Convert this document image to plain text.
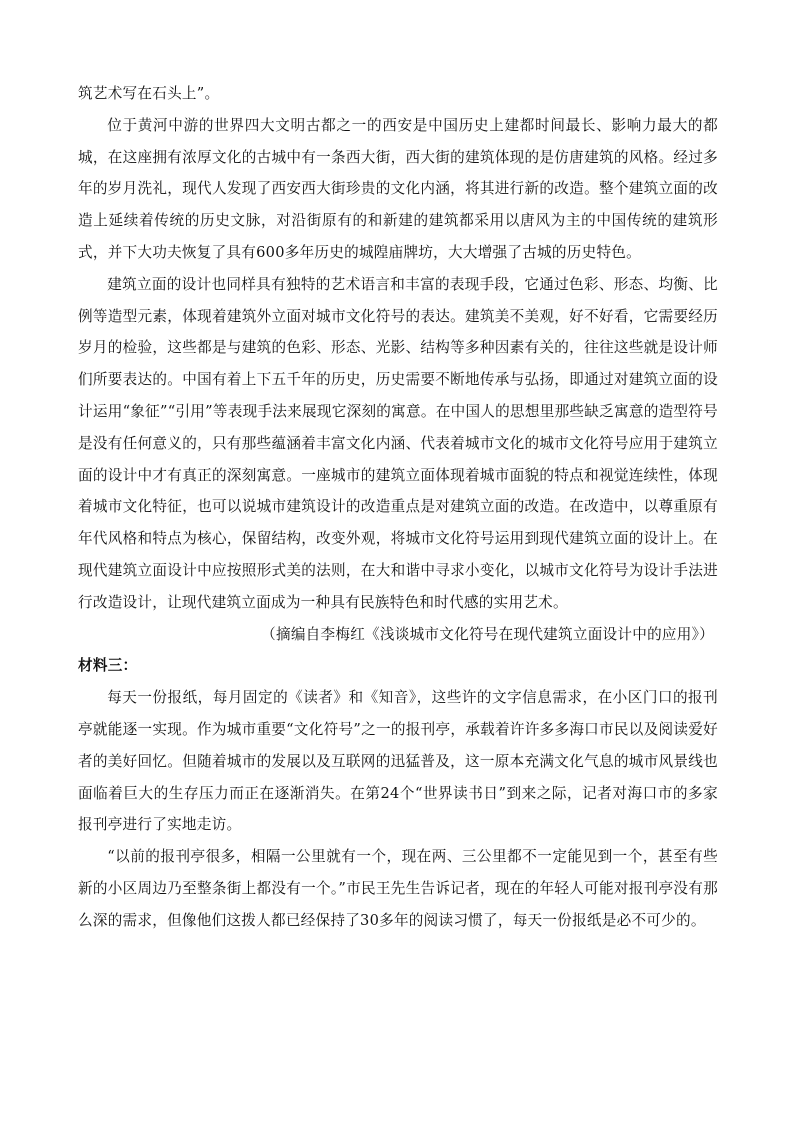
筑艺术写在石头上”。

位于黄河中游的世界四大文明古都之一的西安是中国历史上建都时间最长、影响力最大的都城，在这座拥有浓厚文化的古城中有一条西大街，西大街的建筑体现的是仿唐建筑的风格。经过多年的岁月洗礼，现代人发现了西安西大街珍贵的文化内涵，将其进行新的改造。整个建筑立面的改造上延续着传统的历史文脉，对沿街原有的和新建的建筑都采用以唐风为主的中国传统的建筑形式，并下大功夫恢复了具有600多年历史的城隍庙牌坊，大大增强了古城的历史特色。

建筑立面的设计也同样具有独特的艺术语言和丰富的表现手段，它通过色彩、形态、均衡、比例等造型元素，体现着建筑外立面对城市文化符号的表达。建筑美不美观，好不好看，它需要经历岁月的检验，这些都是与建筑的色彩、形态、光影、结构等多种因素有关的，往往这些就是设计师们所要表达的。中国有着上下五千年的历史，历史需要不断地传承与弘扬，即通过对建筑立面的设计运用“象征”“引用”等表现手法来展现它深刻的寓意。在中国人的思想里那些缺乏寓意的造型符号是没有任何意义的，只有那些蕴涵着丰富文化内涵、代表着城市文化的城市文化符号应用于建筑立面的设计中才有真正的深刻寓意。一座城市的建筑立面体现着城市面貌的特点和视觉连续性，体现着城市文化特征，也可以说城市建筑设计的改造重点是对建筑立面的改造。在改造中，以尊重原有年代风格和特点为核心，保留结构，改变外观，将城市文化符号运用到现代建筑立面的设计上。在现代建筑立面设计中应按照形式美的法则，在大和谐中寻求小变化，以城市文化符号为设计手法进行改造设计，让现代建筑立面成为一种具有民族特色和时代感的实用艺术。

（摘编自李梅红《浅谈城市文化符号在现代建筑立面设计中的应用》）

材料三：

每天一份报纸，每月固定的《读者》和《知音》，这些许的文字信息需求，在小区门口的报刊亭就能逐一实现。作为城市重要“文化符号”之一的报刊亭，承载着许许多多海口市民以及阅读爱好者的美好回忆。但随着城市的发展以及互联网的迅猛普及，这一原本充满文化气息的城市风景线也面临着巨大的生存压力而正在逐渐消失。在第24个“世界读书日”到来之际，记者对海口市的多家报刊亭进行了实地走访。

“以前的报刊亭很多，相隔一公里就有一个，现在两、三公里都不一定能见到一个，甚至有些新的小区周边乃至整条街上都没有一个。”市民王先生告诉记者，现在的年轻人可能对报刊亭没有那么深的需求，但像他们这拨人都已经保持了30多年的阅读习惯了，每天一份报纸是必不可少的。
